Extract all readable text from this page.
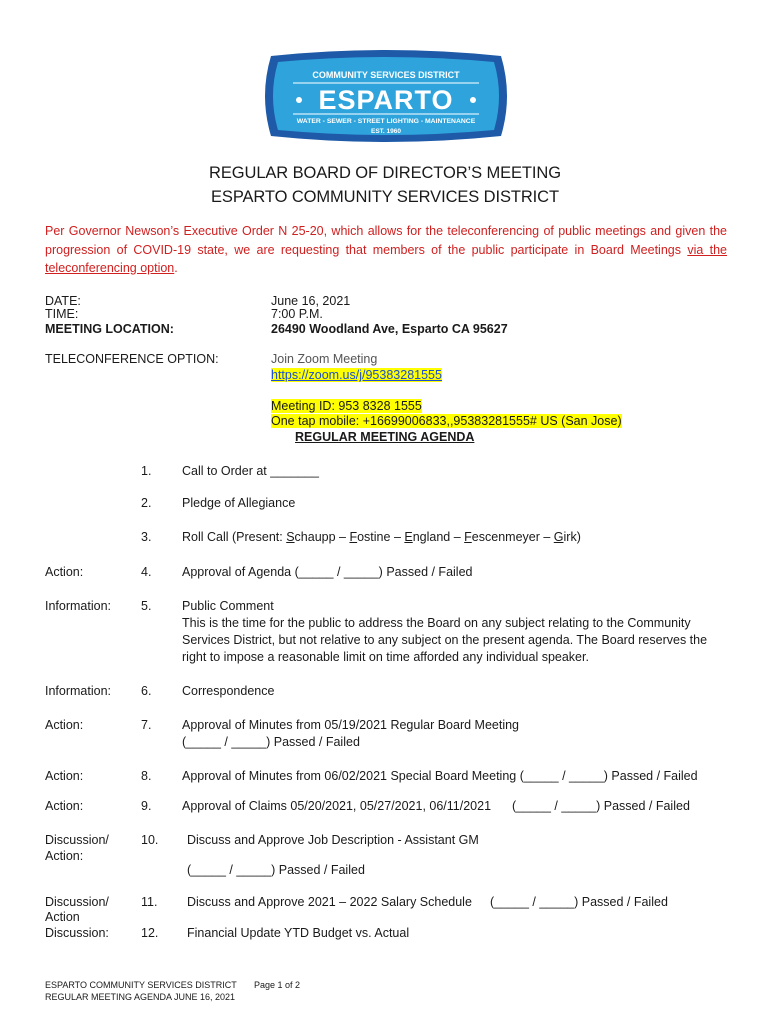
COMMUNITY SERVICES DISTRICT
ESPARTO
WATER - SEWER - STREET LIGHTING - MAINTENANCE
EST. 1960
REGULAR BOARD OF DIRECTOR’S MEETING
ESPARTO COMMUNITY SERVICES DISTRICT
Per Governor Newson’s Executive Order N 25-20, which allows for the teleconferencing of public meetings and given the progression of COVID-19 state, we are requesting that members of the public participate in Board Meetings via the teleconferencing option.
DATE:	June 16, 2021
TIME:	7:00 P.M.
MEETING LOCATION:	26490 Woodland Ave, Esparto CA 95627
TELECONFERENCE OPTION:	Join Zoom Meeting
https://zoom.us/j/95383281555
Meeting ID: 953 8328 1555
One tap mobile: +16699006833,,95383281555# US (San Jose)
REGULAR MEETING AGENDA
1. Call to Order at _______
2. Pledge of Allegiance
3. Roll Call (Present: Schaupp – Fostine – England – Fescenmeyer – Girk)
Action:	4. Approval of Agenda (_____ / _____) Passed / Failed
Information: 5. Public Comment
This is the time for the public to address the Board on any subject relating to the Community Services District, but not relative to any subject on the present agenda. The Board reserves the right to impose a reasonable limit on time afforded any individual speaker.
Information: 6. Correspondence
Action:	7. Approval of Minutes from 05/19/2021 Regular Board Meeting
(_____ / _____) Passed / Failed
Action:	8. Approval of Minutes from 06/02/2021 Special Board Meeting (_____ / _____) Passed / Failed
Action:	9. Approval of Claims 05/20/2021, 05/27/2021, 06/11/2021 (_____ / _____) Passed / Failed
Discussion/
Action:
10. Discuss and Approve Job Description - Assistant GM
(_____ / _____) Passed / Failed
Discussion/
Action
11. Discuss and Approve 2021 – 2022 Salary Schedule (_____ / _____) Passed / Failed
Discussion:	12. Financial Update YTD Budget vs. Actual
ESPARTO COMMUNITY SERVICES DISTRICT
REGULAR MEETING AGENDA JUNE 16, 2021
Page 1 of 2
